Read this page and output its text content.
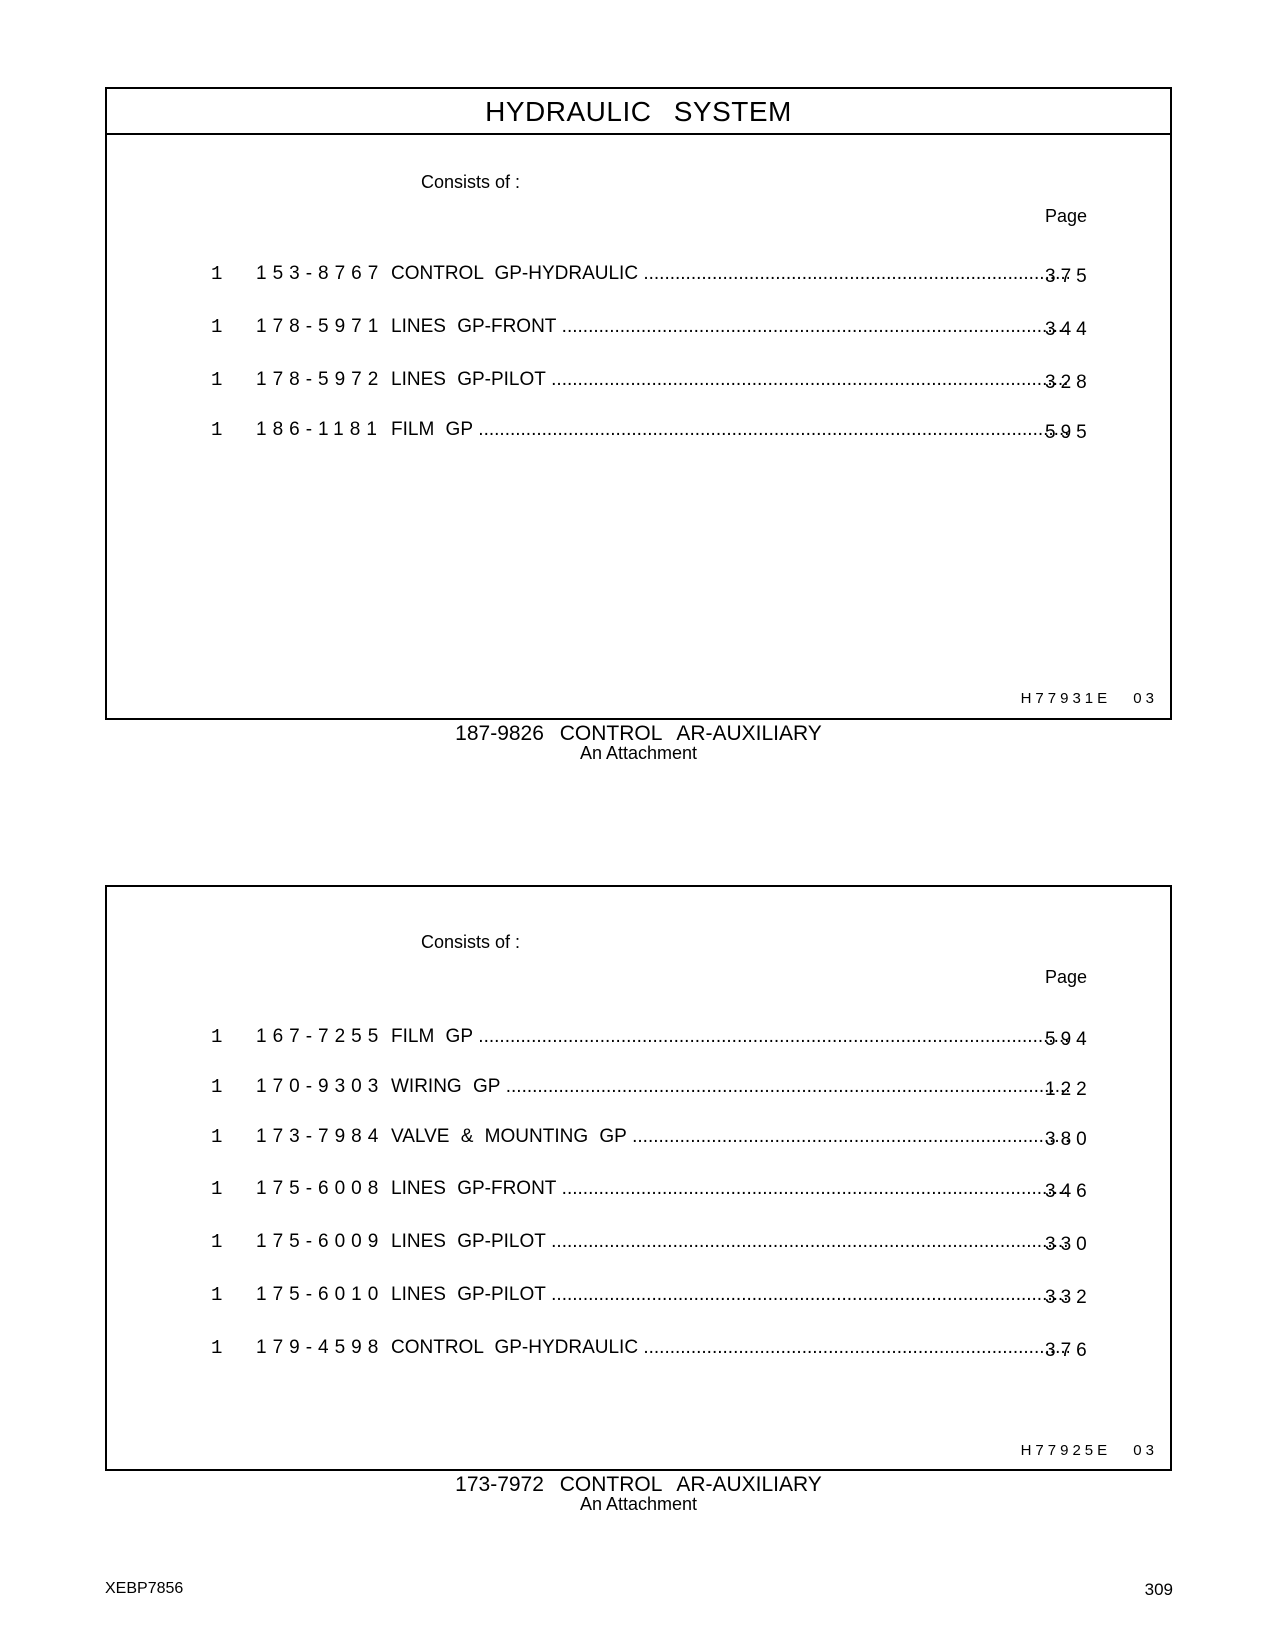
HYDRAULIC SYSTEM
Consists of :
Page
1 153-8767 CONTROL GP-HYDRAULIC .....	375
1 178-5971 LINES GP-FRONT .....	344
1 178-5972 LINES GP-PILOT .....	328
1 186-1181 FILM GP .....	595
H77931E 03
187-9826 CONTROL AR-AUXILIARY
An Attachment
Consists of :
Page
1 167-7255 FILM GP .....	594
1 170-9303 WIRING GP .....	122
1 173-7984 VALVE & MOUNTING GP .....	380
1 175-6008 LINES GP-FRONT .....	346
1 175-6009 LINES GP-PILOT .....	330
1 175-6010 LINES GP-PILOT .....	332
1 179-4598 CONTROL GP-HYDRAULIC .....	376
H77925E 03
173-7972 CONTROL AR-AUXILIARY
An Attachment
XEBP7856	309
